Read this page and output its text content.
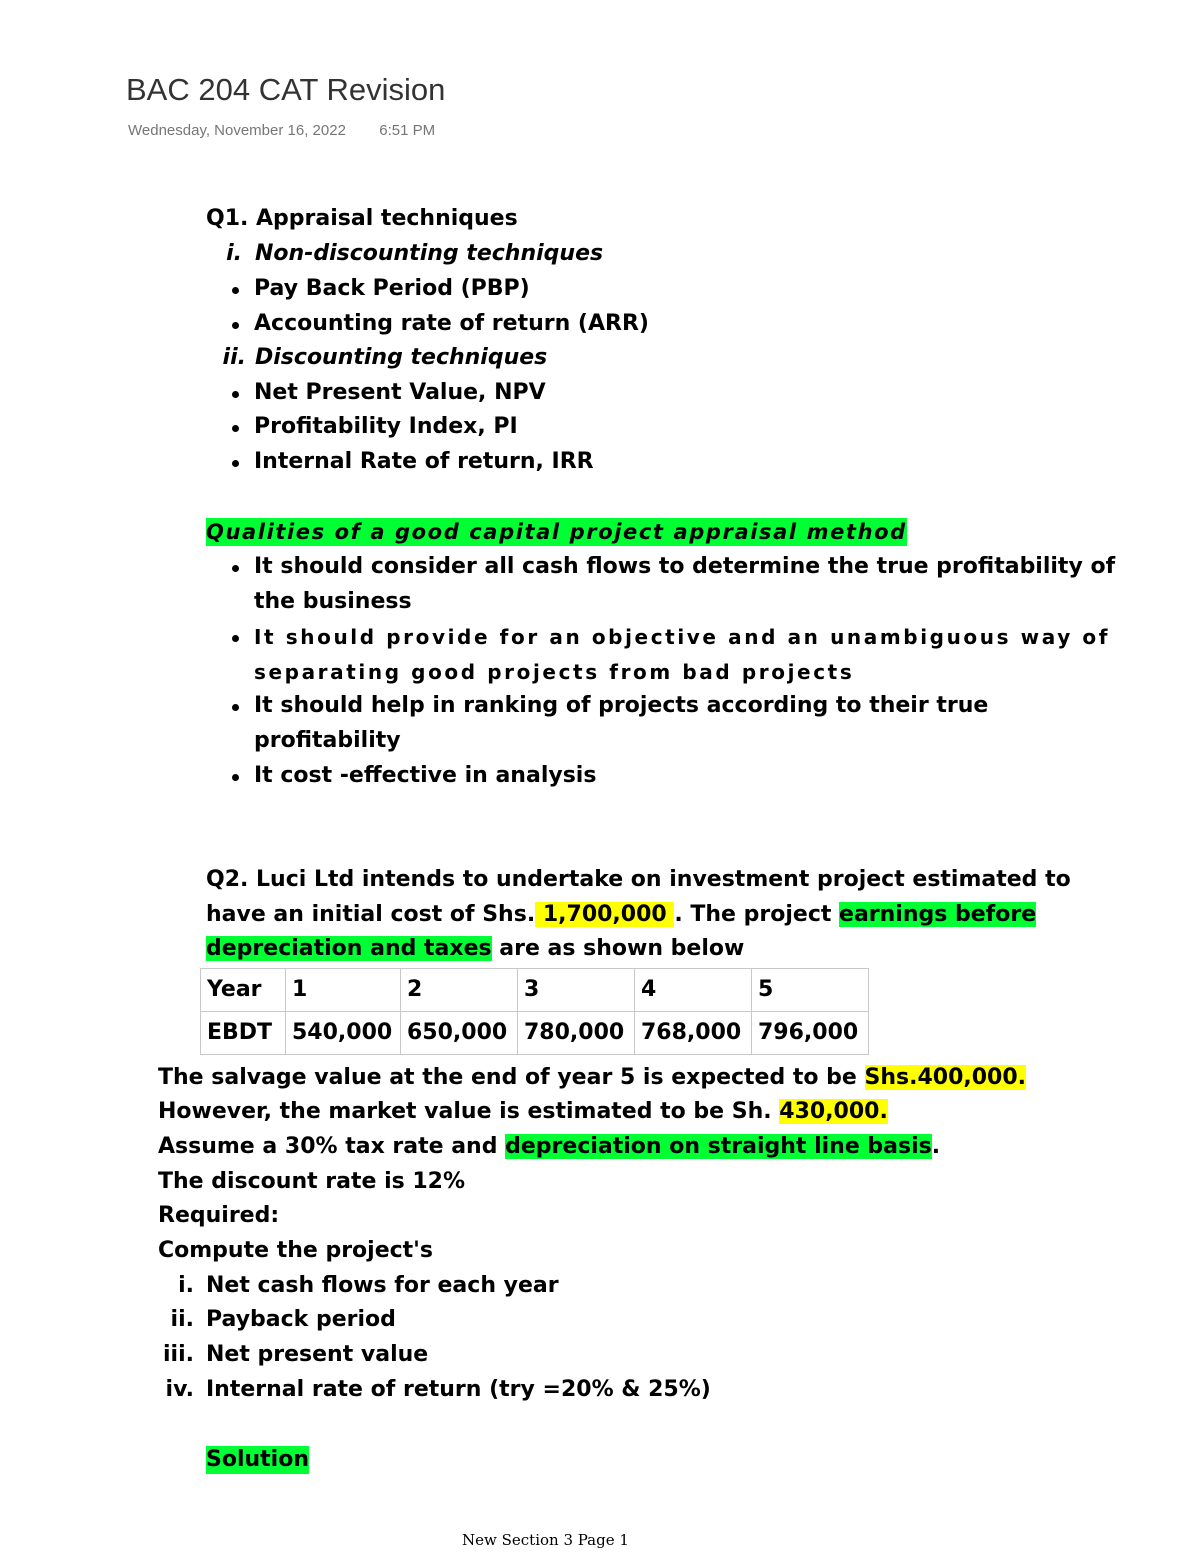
BAC 204 CAT Revision
Wednesday, November 16, 2022 6:51 PM
Q1. Appraisal techniques
i. Non-discounting techniques
Pay Back Period (PBP)
Accounting rate of return (ARR)
ii. Discounting techniques
Net Present Value, NPV
Profitability Index, PI
Internal Rate of return, IRR
Qualities of a good capital project appraisal method
It should consider all cash flows to determine the true profitability of
the business
It should provide for an objective and an unambiguous way of
separating good projects from bad projects
It should help in ranking of projects according to their true
profitability
It cost -effective in analysis
Q2. Luci Ltd intends to undertake on investment project estimated to
have an initial cost of Shs. 1,700,000 . The project earnings before
depreciation and taxes are as shown below
Year	1	2	3	4	5
EBDT	540,000	650,000	780,000	768,000	796,000
The salvage value at the end of year 5 is expected to be Shs.400,000.
However, the market value is estimated to be Sh. 430,000.
Assume a 30% tax rate and depreciation on straight line basis.
The discount rate is 12%
Required:
Compute the project's
i. Net cash flows for each year
ii. Payback period
iii. Net present value
iv. Internal rate of return (try =20% & 25%)
Solution
New Section 3 Page 1
